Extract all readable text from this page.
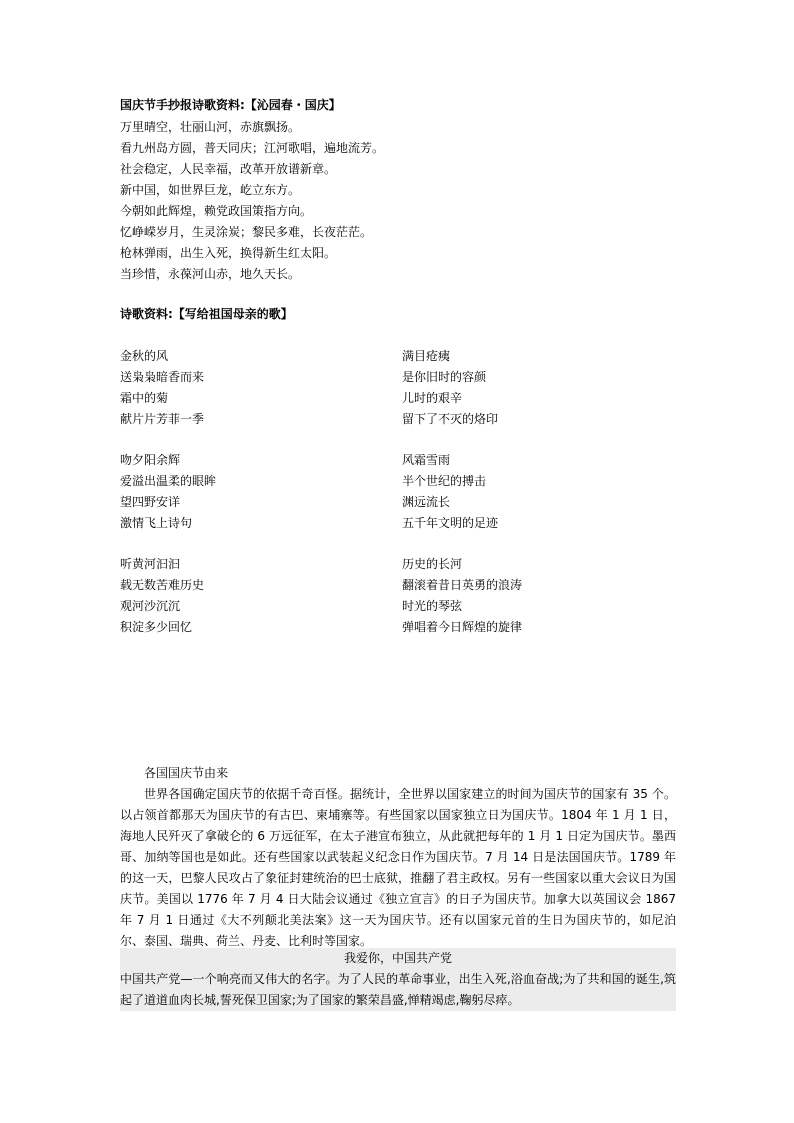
国庆节手抄报诗歌资料:【沁园春・国庆】
万里晴空，壮丽山河，赤旗飘扬。
看九州岛方圆，普天同庆；江河歌唱，遍地流芳。
社会稳定，人民幸福，改革开放谱新章。
新中国，如世界巨龙，屹立东方。
今朝如此辉煌，赖党政国策指方向。
忆峥嵘岁月，生灵涂炭；黎民多难，长夜茫茫。
枪林弹雨，出生入死，换得新生红太阳。
当珍惜，永葆河山赤，地久天长。
诗歌资料:【写给祖国母亲的歌】
金秋的风
送枭枭暗香而来
霜中的菊
献片片芳菲一季
吻夕阳余辉
爱溢出温柔的眼眸
望四野安详
激情飞上诗句
听黄河汩汩
载无数苦难历史
观河沙沉沉
积淀多少回忆
满目疮痍
是你旧时的容颜
儿时的艰辛
留下了不灭的烙印
风霜雪雨
半个世纪的搏击
渊远流长
五千年文明的足迹
历史的长河
翻滚着昔日英勇的浪涛
时光的琴弦
弹唱着今日辉煌的旋律
各国国庆节由来
世界各国确定国庆节的依据千奇百怪。据统计，全世界以国家建立的时间为国庆节的国家有 35 个。以占领首都那天为国庆节的有古巴、柬埔寨等。有些国家以国家独立日为国庆节。1804 年 1 月 1 日，海地人民歼灭了拿破仑的 6 万远征军，在太子港宣布独立，从此就把每年的 1 月 1 日定为国庆节。墨西哥、加纳等国也是如此。还有些国家以武装起义纪念日作为国庆节。7 月 14 日是法国国庆节。1789 年的这一天，巴黎人民攻占了象征封建统治的巴士底狱，推翻了君主政权。另有一些国家以重大会议日为国庆节。美国以 1776 年 7 月 4 日大陆会议通过《独立宣言》的日子为国庆节。加拿大以英国议会 1867 年 7 月 1 日通过《大不列颠北美法案》这一天为国庆节。还有以国家元首的生日为国庆节的，如尼泊尔、泰国、瑞典、荷兰、丹麦、比利时等国家。
我爱你，中国共产党
中国共产党—一个响亮而又伟大的名字。为了人民的革命事业，出生入死,浴血奋战;为了共和国的诞生,筑起了道道血肉长城,誓死保卫国家;为了国家的繁荣昌盛,惮精竭虑,鞠躬尽瘁。
